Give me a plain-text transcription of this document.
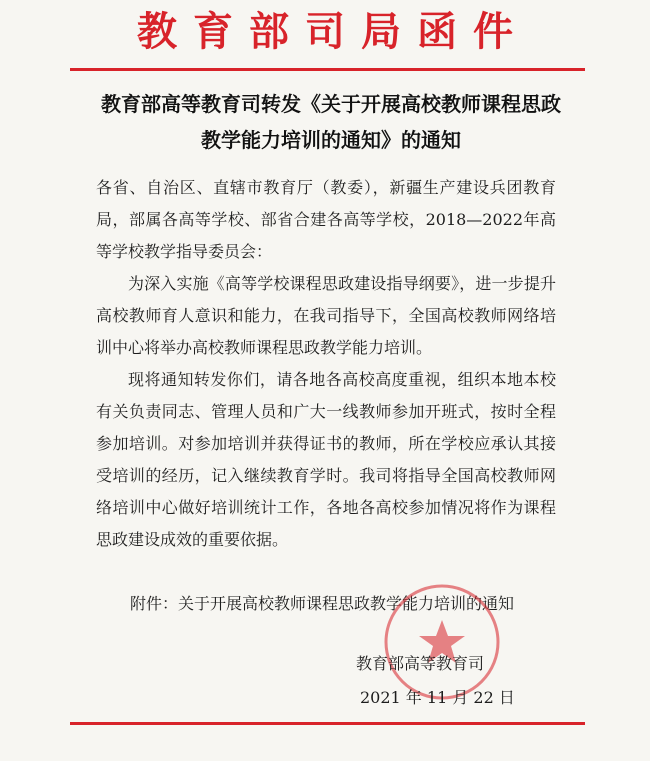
教育部司局函件
教育部高等教育司转发《关于开展高校教师课程思政教学能力培训的通知》的通知

各省、自治区、直辖市教育厅（教委），新疆生产建设兵团教育局，部属各高等学校、部省合建各高等学校，2018—2022年高等学校教学指导委员会：

为深入实施《高等学校课程思政建设指导纲要》，进一步提升高校教师育人意识和能力，在我司指导下，全国高校教师网络培训中心将举办高校教师课程思政教学能力培训。

现将通知转发你们，请各地各高校高度重视，组织本地本校有关负责同志、管理人员和广大一线教师参加开班式，按时全程参加培训。对参加培训并获得证书的教师，所在学校应承认其接受培训的经历，记入继续教育学时。我司将指导全国高校教师网络培训中心做好培训统计工作，各地各高校参加情况将作为课程思政建设成效的重要依据。

附件：关于开展高校教师课程思政教学能力培训的通知
教育部高等教育司
2021 年 11 月 22 日
